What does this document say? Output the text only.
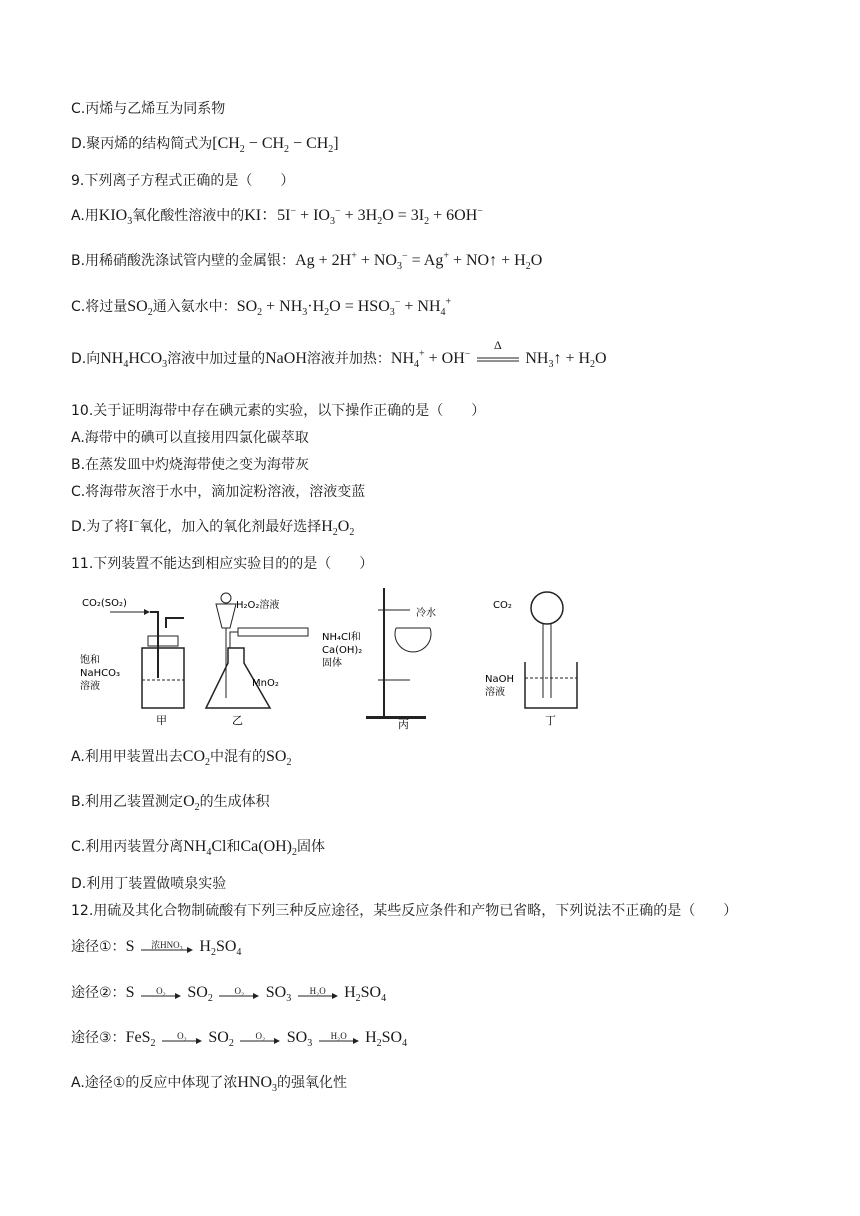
C.丙烯与乙烯互为同系物
D.聚丙烯的结构简式为$[CH_2 - CH_2 - CH_2]$
9.下列离子方程式正确的是（　　）
A.用$KIO_3$氧化酸性溶液中的KI：$5I^- + IO_3^- + 3H_2O = 3I_2 + 6OH^-$
B.用稀硝酸洗涤试管内壁的金属银：$Ag + 2H^+ + NO_3^- = Ag^+$ + NO↑ + $H_2O$
C.将过量$SO_2$通入氨水中：$SO_2 + NH_3\cdot H_2O = HSO_3^- + NH_4^+$
D.向$NH_4HCO_3$溶液中加过量的NaOH溶液并加热：$NH_4^+ + OH^-$
Δ
$NH_3↑ + H_2O$
10.关于证明海带中存在碘元素的实验，以下操作正确的是（　　）
A.海带中的碘可以直接用四氯化碳萃取
B.在蒸发皿中灼烧海带使之变为海带灰
C.将海带灰溶于水中，滴加淀粉溶液，溶液变蓝
D.为了将I−氧化，加入的氧化剂最好选择$H_2O_2$
11.下列装置不能达到相应实验目的的是（　　）
CO₂(SO₂)
饱和
NaHCO₃
溶液
甲
H₂O₂溶液
MnO₂
乙
冷水
NH₄Cl和
Ca(OH)₂
固体
丙
CO₂
NaOH
溶液
丁
A.利用甲装置出去$CO_2$中混有的$SO_2$
B.利用乙装置测定$O_2$的生成体积
C.利用丙装置分离$NH_4Cl$和$Ca(OH)_2$固体
D.利用丁装置做喷泉实验
12.用硫及其化合物制硫酸有下列三种反应途径，某些反应条件和产物已省略，下列说法不正确的是（　　）
途径①：S	浓HNO₃	$H_2SO_4$
途径②：S	O₂	$SO_2$
O₂	$SO_3$
H₂O	$H_2SO_4$
途径③：FeS$_2$
O₂	$SO_2$
O₂	$SO_3$
H₂O	$H_2SO_4$
A.途径①的反应中体现了浓$HNO_3$的强氧化性
